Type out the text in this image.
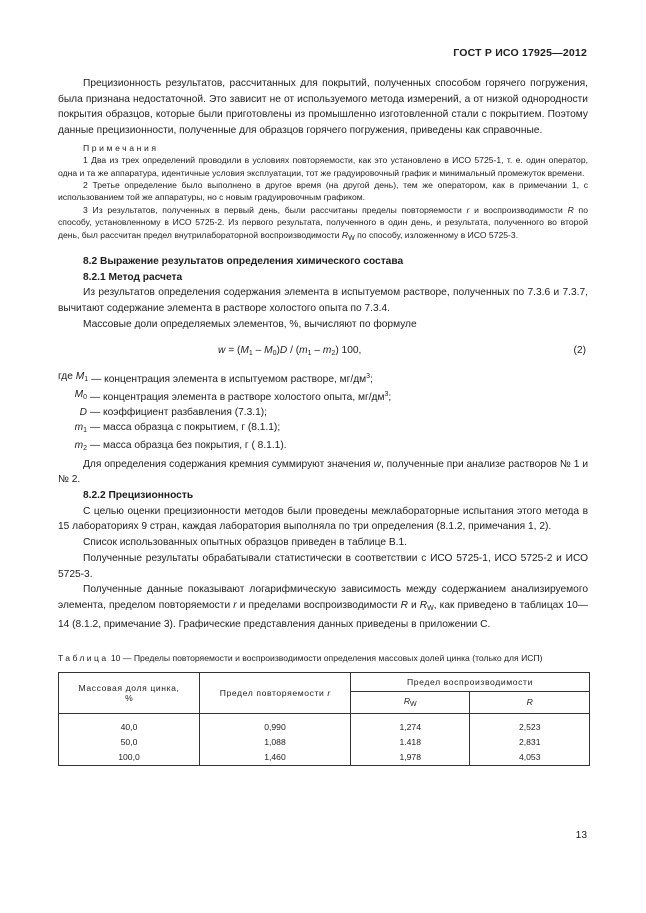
ГОСТ Р ИСО 17925—2012

Прецизионность результатов, рассчитанных для покрытий, полученных способом горячего погружения, была признана недостаточной. Это зависит не от используемого метода измерений, а от низкой однородности покрытия образцов, которые были приготовлены из промышленно изготовленной стали с покрытием. Поэтому данные прецизионности, полученные для образцов горячего погружения, приведены как справочные.

Примечания

1 Два из трех определений проводили в условиях повторяемости, как это установлено в ИСО 5725-1, т. е. один оператор, одна и та же аппаратура, идентичные условия эксплуатации, тот же градуировочный график и минимальный промежуток времени.

2 Третье определение было выполнено в другое время (на другой день), тем же оператором, как в примечании 1, с использованием той же аппаратуры, но с новым градуировочным графиком.

3 Из результатов, полученных в первый день, были рассчитаны пределы повторяемости r и воспроизводимости R по способу, установленному в ИСО 5725-2. Из первого результата, полученного в один день, и результата, полученного во второй день, был рассчитан предел внутрилабораторной воспроизводимости $R_W$ по способу, изложенному в ИСО 5725-3.

8.2 Выражение результатов определения химического состава
8.2.1 Метод расчета

Из результатов определения содержания элемента в испытуемом растворе, полученных по 7.3.6 и 7.3.7, вычитают содержание элемента в растворе холостого опыта по 7.3.4.

Массовые доли определяемых элементов, %, вычисляют по формуле

$w = (M_1 - M_0)D / (m_1 - m_2)$ 100,	(2)
где $M_1$ — концентрация элемента в испытуемом растворе, $мг/дм^3$;
$M_0$ — концентрация элемента в растворе холостого опыта, $мг/дм^3$;
D — коэффициент разбавления (7.3.1);
$m_1$ — масса образца с покрытием, г (8.1.1);
$m_2$ — масса образца без покрытия, г ( 8.1.1).

Для определения содержания кремния суммируют значения w, полученные при анализе растворов № 1 и № 2.

8.2.2 Прецизионность

С целью оценки прецизионности методов были проведены межлабораторные испытания этого метода в 15 лабораториях 9 стран, каждая лаборатория выполняла по три определения (8.1.2, примечания 1, 2).

Список использованных опытных образцов приведен в таблице B.1.

Полученные результаты обрабатывали статистически в соответствии с ИСО 5725-1, ИСО 5725-2 и ИСО 5725-3.

Полученные данные показывают логарифмическую зависимость между содержанием анализируемого элемента, пределом повторяемости r и пределами воспроизводимости R и $R_W$, как приведено в таблицах 10—14 (8.1.2, примечание 3). Графические представления данных приведены в приложении С.

Таблица 10 — Пределы повторяемости и воспроизводимости определения массовых долей цинка (только для ИСП)
Массовая доля цинка,
%	Предел повторяемости r	Предел воспроизводимости	
		$R_W$	R
40,0	0,990	1,274	2,523
50,0	1,088	1.418	2,831
100,0	1,460	1,978	4,053
13
